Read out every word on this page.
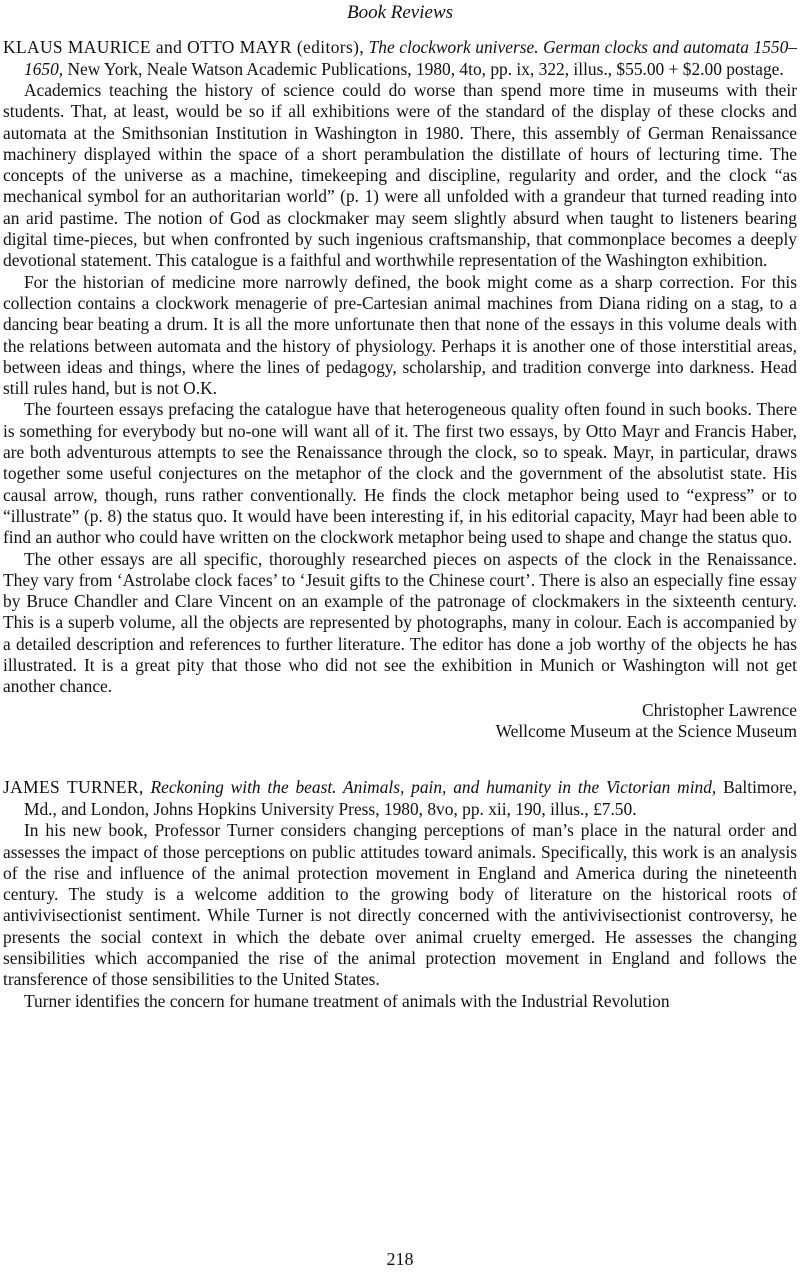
Book Reviews

KLAUS MAURICE and OTTO MAYR (editors), The clockwork universe. German clocks and automata 1550–1650, New York, Neale Watson Academic Publications, 1980, 4to, pp. ix, 322, illus., $55.00 + $2.00 postage.

Academics teaching the history of science could do worse than spend more time in museums with their students. That, at least, would be so if all exhibitions were of the standard of the display of these clocks and automata at the Smithsonian Institution in Washington in 1980. There, this assembly of German Renaissance machinery displayed within the space of a short perambulation the distillate of hours of lecturing time. The concepts of the universe as a machine, timekeeping and discipline, regularity and order, and the clock “as mechanical symbol for an authoritarian world” (p. 1) were all unfolded with a grandeur that turned reading into an arid pastime. The notion of God as clockmaker may seem slightly absurd when taught to listeners bearing digital time-pieces, but when confronted by such ingenious craftsmanship, that commonplace becomes a deeply devotional statement. This catalogue is a faithful and worthwhile representation of the Washington exhibition.

For the historian of medicine more narrowly defined, the book might come as a sharp correction. For this collection contains a clockwork menagerie of pre-Cartesian animal machines from Diana riding on a stag, to a dancing bear beating a drum. It is all the more unfortunate then that none of the essays in this volume deals with the relations between automata and the history of physiology. Perhaps it is another one of those interstitial areas, between ideas and things, where the lines of pedagogy, scholarship, and tradition converge into darkness. Head still rules hand, but is not O.K.

The fourteen essays prefacing the catalogue have that heterogeneous quality often found in such books. There is something for everybody but no-one will want all of it. The first two essays, by Otto Mayr and Francis Haber, are both adventurous attempts to see the Renaissance through the clock, so to speak. Mayr, in particular, draws together some useful conjectures on the metaphor of the clock and the government of the absolutist state. His causal arrow, though, runs rather conventionally. He finds the clock metaphor being used to “express” or to “illustrate” (p. 8) the status quo. It would have been interesting if, in his editorial capacity, Mayr had been able to find an author who could have written on the clockwork metaphor being used to shape and change the status quo.

The other essays are all specific, thoroughly researched pieces on aspects of the clock in the Renaissance. They vary from ‘Astrolabe clock faces’ to ‘Jesuit gifts to the Chinese court’. There is also an especially fine essay by Bruce Chandler and Clare Vincent on an example of the patronage of clockmakers in the sixteenth century. This is a superb volume, all the objects are represented by photographs, many in colour. Each is accompanied by a detailed description and references to further literature. The editor has done a job worthy of the objects he has illustrated. It is a great pity that those who did not see the exhibition in Munich or Washington will not get another chance.

Christopher Lawrence

Wellcome Museum at the Science Museum

JAMES TURNER, Reckoning with the beast. Animals, pain, and humanity in the Victorian mind, Baltimore, Md., and London, Johns Hopkins University Press, 1980, 8vo, pp. xii, 190, illus., £7.50.

In his new book, Professor Turner considers changing perceptions of man’s place in the natural order and assesses the impact of those perceptions on public attitudes toward animals. Specifically, this work is an analysis of the rise and influence of the animal protection movement in England and America during the nineteenth century. The study is a welcome addition to the growing body of literature on the historical roots of antivivisectionist sentiment. While Turner is not directly concerned with the antivivisectionist controversy, he presents the social context in which the debate over animal cruelty emerged. He assesses the changing sensibilities which accompanied the rise of the animal protection movement in England and follows the transference of those sensibilities to the United States.

Turner identifies the concern for humane treatment of animals with the Industrial Revolution

218
